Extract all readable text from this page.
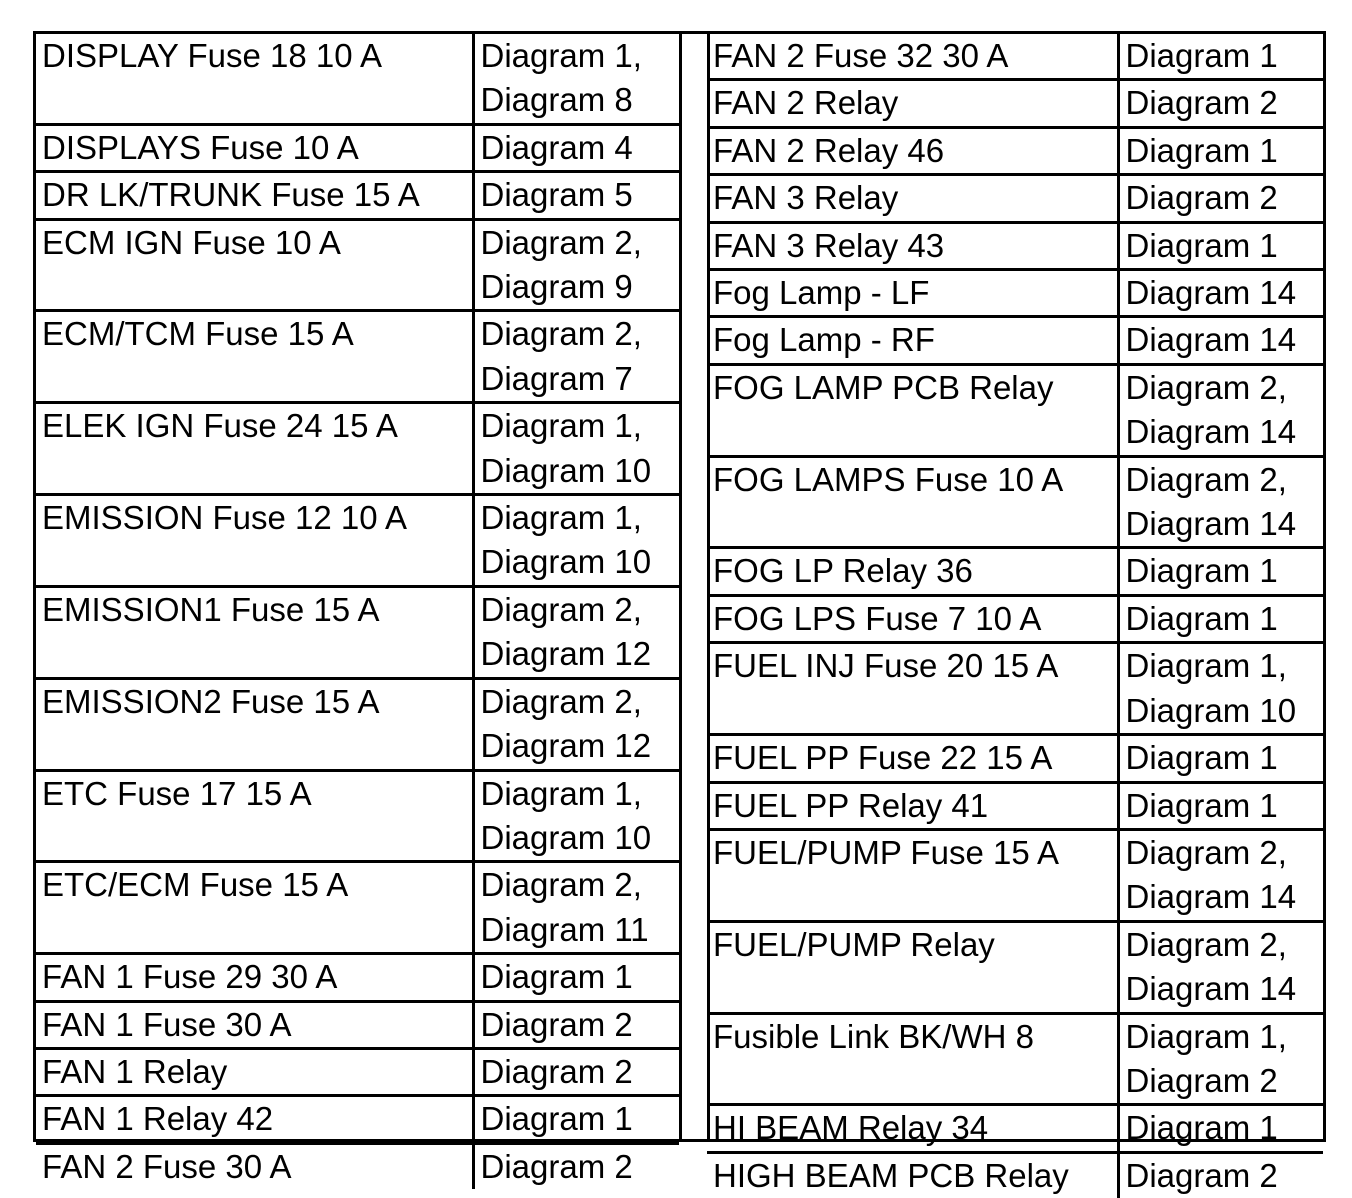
DISPLAY Fuse 18 10 A	Diagram 1,
Diagram 8
DISPLAYS Fuse 10 A	Diagram 4
DR LK/TRUNK Fuse 15 A	Diagram 5
ECM IGN Fuse 10 A	Diagram 2,
Diagram 9
ECM/TCM Fuse 15 A	Diagram 2,
Diagram 7
ELEK IGN Fuse 24 15 A	Diagram 1,
Diagram 10
EMISSION Fuse 12 10 A	Diagram 1,
Diagram 10
EMISSION1 Fuse 15 A	Diagram 2,
Diagram 12
EMISSION2 Fuse 15 A	Diagram 2,
Diagram 12
ETC Fuse 17 15 A	Diagram 1,
Diagram 10
ETC/ECM Fuse 15 A	Diagram 2,
Diagram 11
FAN 1 Fuse 29 30 A	Diagram 1
FAN 1 Fuse 30 A	Diagram 2
FAN 1 Relay	Diagram 2
FAN 1 Relay 42	Diagram 1
FAN 2 Fuse 30 A	Diagram 2
FAN 2 Fuse 32 30 A	Diagram 1
FAN 2 Relay	Diagram 2
FAN 2 Relay 46	Diagram 1
FAN 3 Relay	Diagram 2
FAN 3 Relay 43	Diagram 1
Fog Lamp - LF	Diagram 14
Fog Lamp - RF	Diagram 14
FOG LAMP PCB Relay	Diagram 2,
Diagram 14
FOG LAMPS Fuse 10 A	Diagram 2,
Diagram 14
FOG LP Relay 36	Diagram 1
FOG LPS Fuse 7 10 A	Diagram 1
FUEL INJ Fuse 20 15 A	Diagram 1,
Diagram 10
FUEL PP Fuse 22 15 A	Diagram 1
FUEL PP Relay 41	Diagram 1
FUEL/PUMP Fuse 15 A	Diagram 2,
Diagram 14
FUEL/PUMP Relay	Diagram 2,
Diagram 14
Fusible Link BK/WH 8	Diagram 1,
Diagram 2
HI BEAM Relay 34	Diagram 1
HIGH BEAM PCB Relay	Diagram 2
